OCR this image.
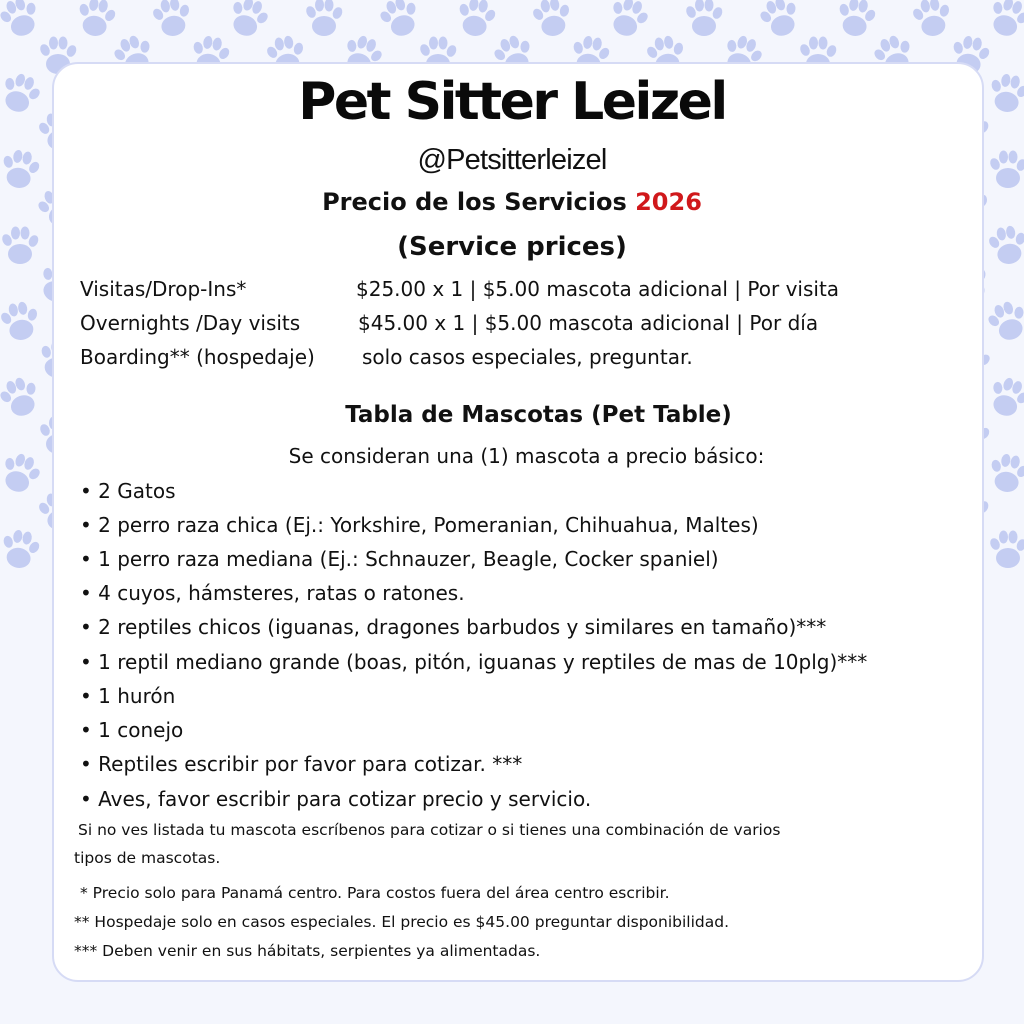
Pet Sitter Leizel
@Petsitterleizel
Precio de los Servicios 2026
(Service prices)
Visitas/Drop-Ins*	$25.00 x 1 | $5.00 mascota adicional | Por visita
Overnights /Day visits	$45.00 x 1 | $5.00 mascota adicional | Por día
Boarding** (hospedaje) solo casos especiales, preguntar.
Tabla de Mascotas (Pet Table)
Se consideran una (1) mascota a precio básico:
• 2 Gatos
• 2 perro raza chica (Ej.: Yorkshire, Pomeranian, Chihuahua, Maltes)
• 1 perro raza mediana (Ej.: Schnauzer, Beagle, Cocker spaniel)
• 4 cuyos, hámsteres, ratas o ratones.
• 2 reptiles chicos (iguanas, dragones barbudos y similares en tamaño)***
• 1 reptil mediano grande (boas, pitón, iguanas y reptiles de mas de 10plg)***
• 1 hurón
• 1 conejo
• Reptiles escribir por favor para cotizar. ***
• Aves, favor escribir para cotizar precio y servicio.
Si no ves listada tu mascota escríbenos para cotizar o si tienes una combinación de varios
tipos de mascotas.
* Precio solo para Panamá centro. Para costos fuera del área centro escribir.
** Hospedaje solo en casos especiales. El precio es $45.00 preguntar disponibilidad.
*** Deben venir en sus hábitats, serpientes ya alimentadas.
